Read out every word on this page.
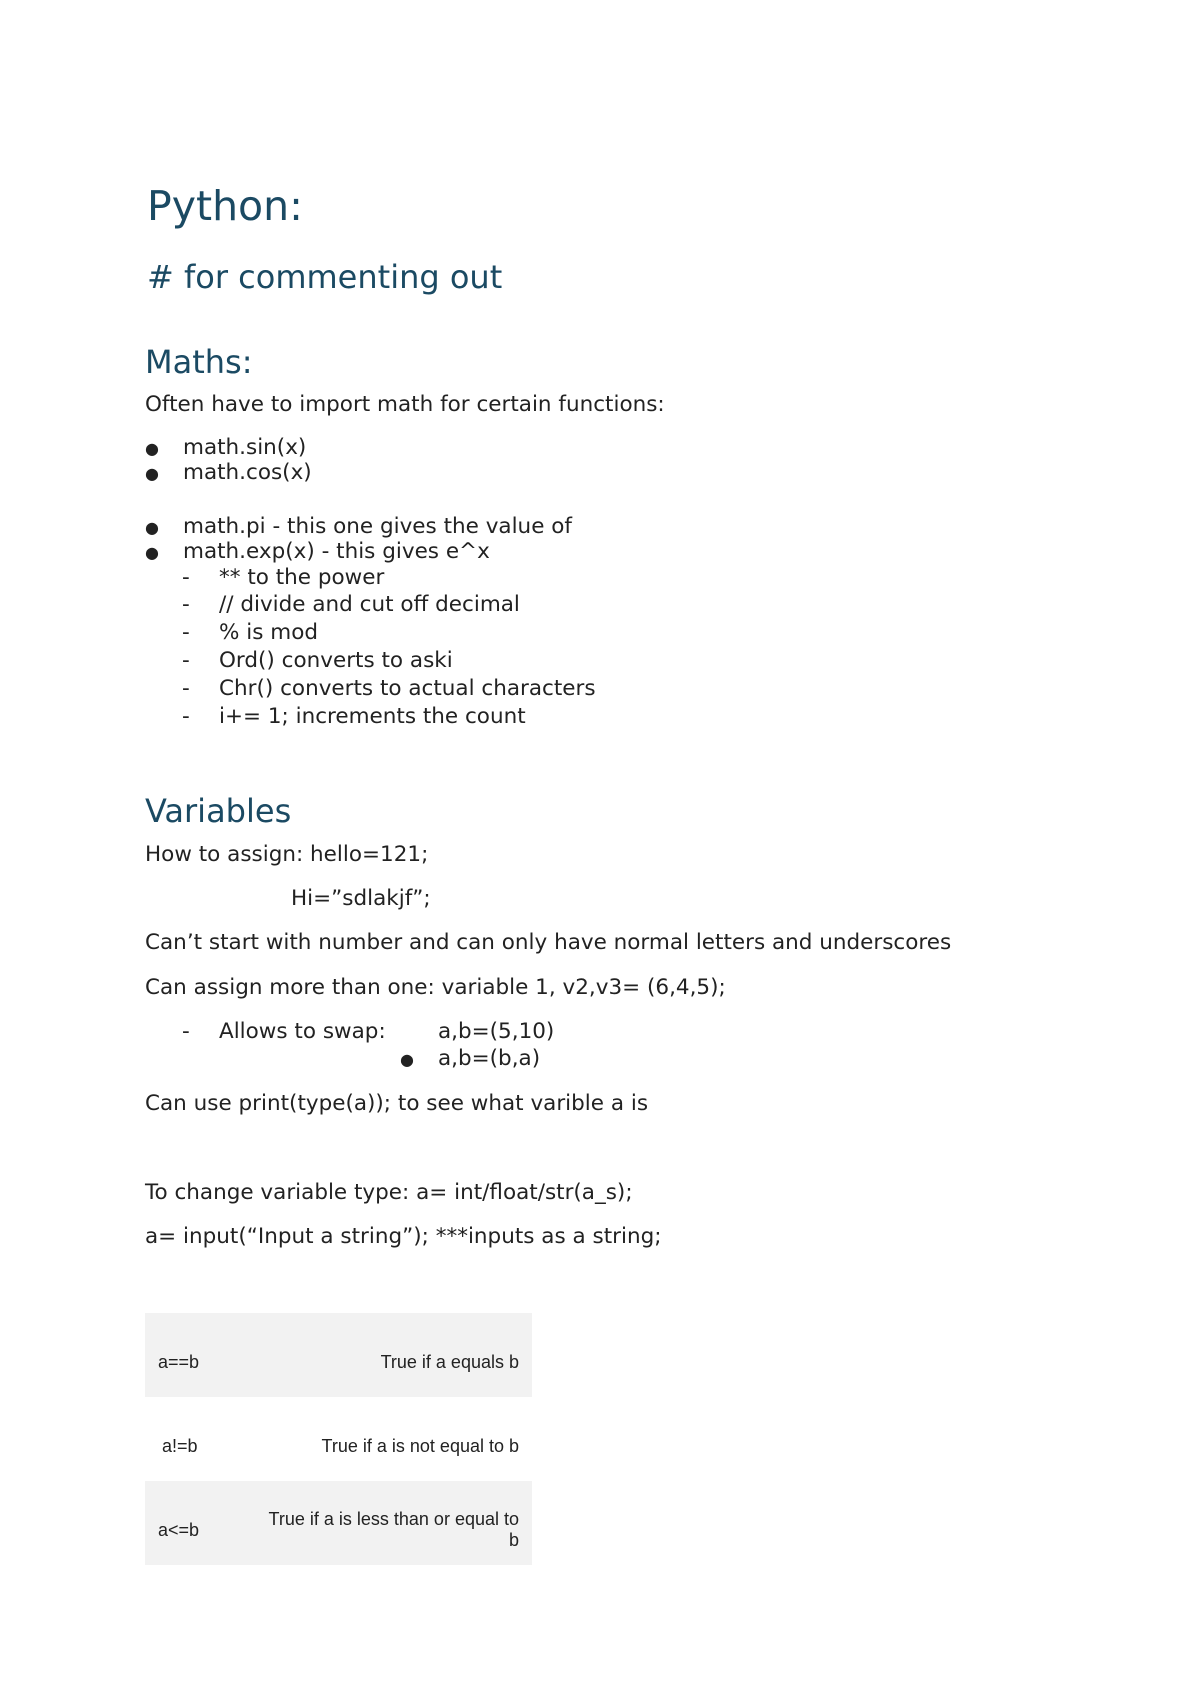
Python:
# for commenting out
Maths:
Often have to import math for certain functions:
● math.sin(x)
● math.cos(x)
● math.pi - this one gives the value of
● math.exp(x) - this gives e^x
- ** to the power
- // divide and cut off decimal
- % is mod
- Ord() converts to aski
- Chr() converts to actual characters
- i+= 1; increments the count
Variables
How to assign: hello=121;
Hi=”sdlakjf”;
Can’t start with number and can only have normal letters and underscores
Can assign more than one: variable 1, v2,v3= (6,4,5);
- Allows to swap: a,b=(5,10)
● a,b=(b,a)
Can use print(type(a)); to see what varible a is
To change variable type: a= int/float/str(a_s);
a= input(“Input a string”); ***inputs as a string;
a==b	True if a equals b
a!=b	True if a is not equal to b
a<=b	True if a is less than or equal to b
